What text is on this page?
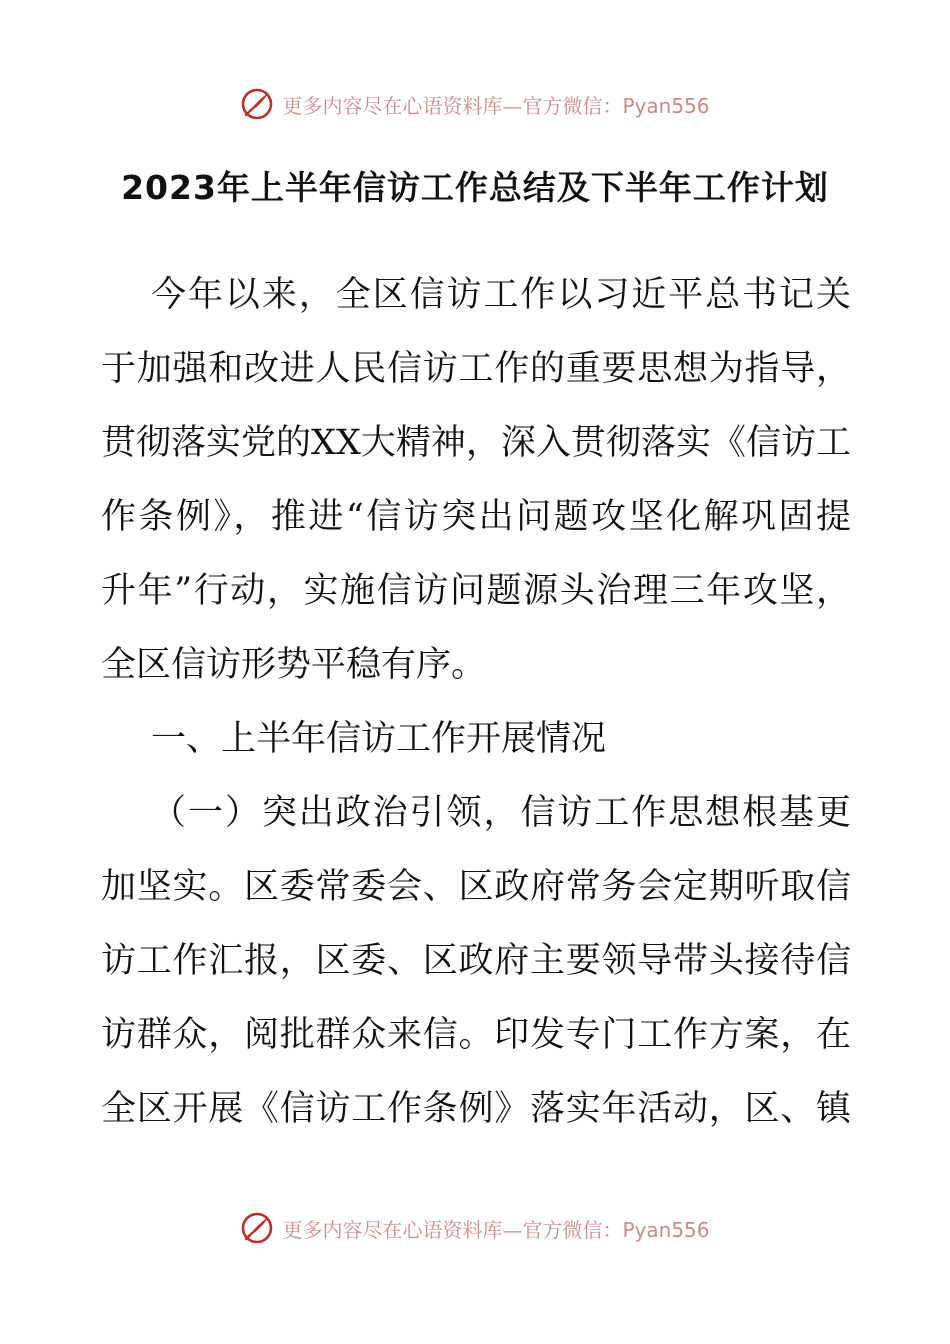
更多内容尽在心语资料库—官方微信：Pyan556
2023年上半年信访工作总结及下半年工作计划
今年以来，全区信访工作以习近平总书记关
于加强和改进人民信访工作的重要思想为指导，
贯彻落实党的XX大精神，深入贯彻落实《信访工
作条例》，推进“信访突出问题攻坚化解巩固提
升年”行动，实施信访问题源头治理三年攻坚，
全区信访形势平稳有序。
一、上半年信访工作开展情况
（一）突出政治引领，信访工作思想根基更
加坚实。区委常委会、区政府常务会定期听取信
访工作汇报，区委、区政府主要领导带头接待信
访群众，阅批群众来信。印发专门工作方案，在
全区开展《信访工作条例》落实年活动，区、镇
更多内容尽在心语资料库—官方微信：Pyan556
